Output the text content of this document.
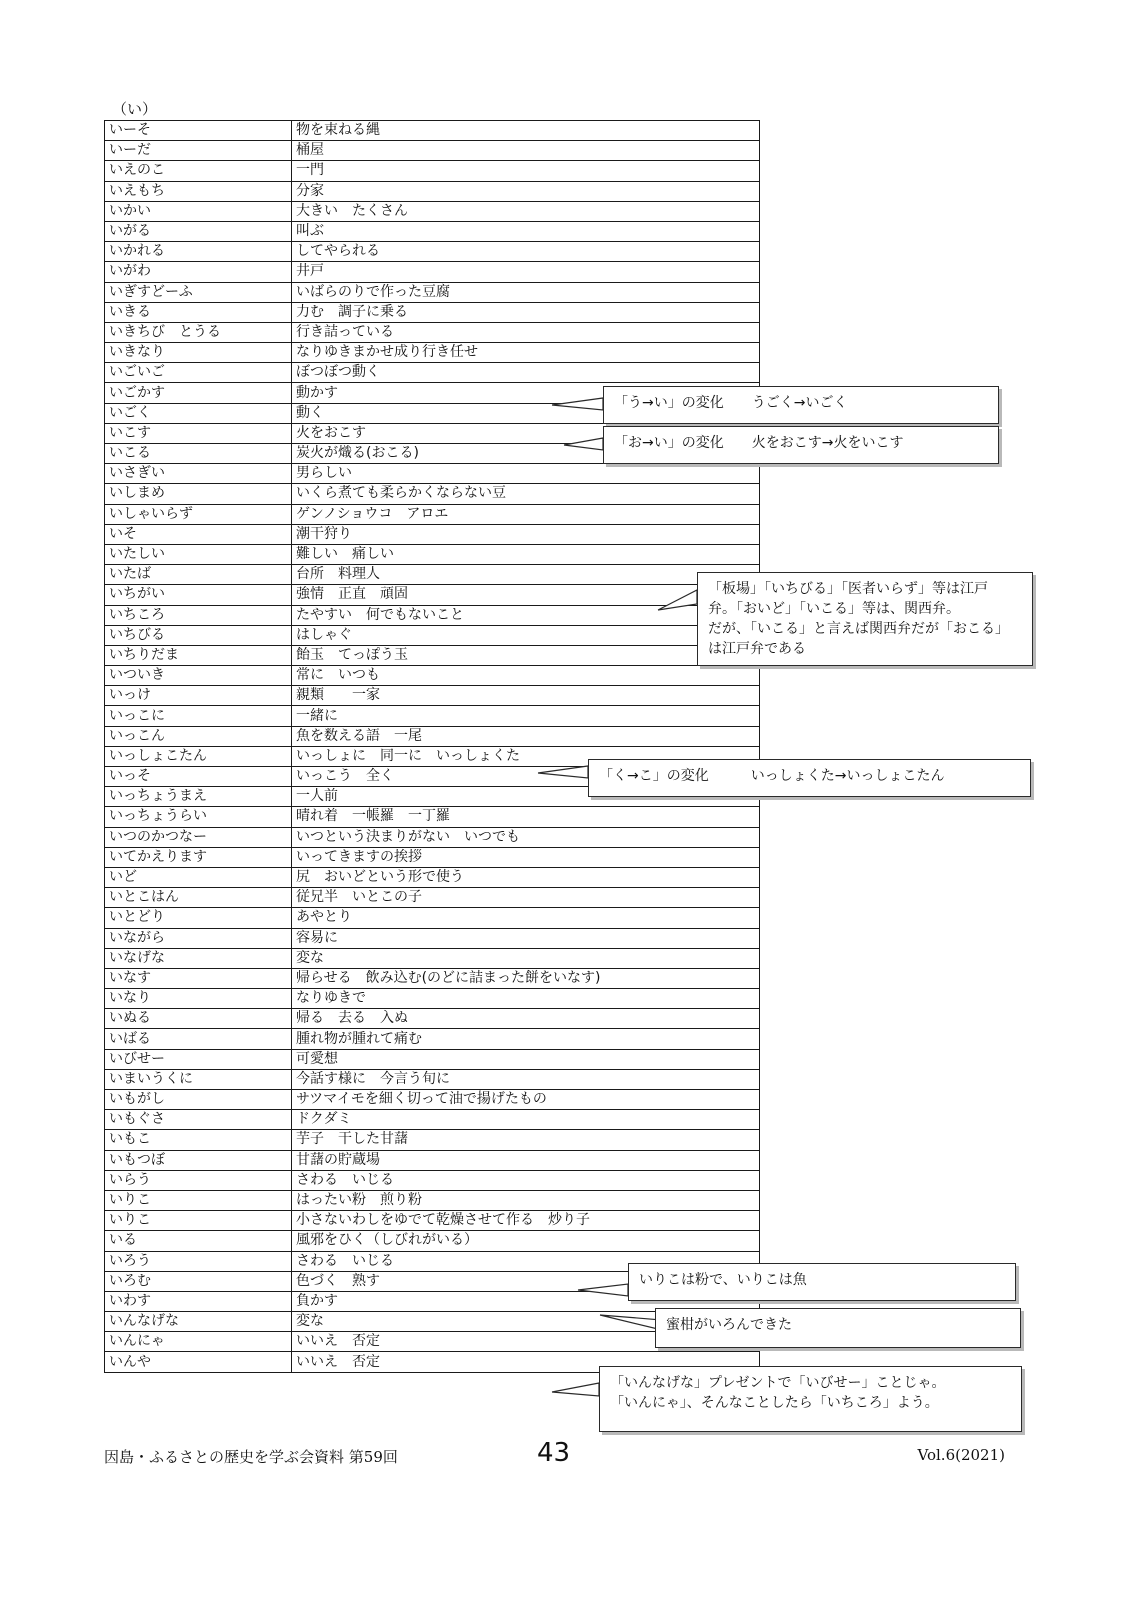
（い）
いーそ	物を束ねる縄
いーだ	桶屋
いえのこ	一門
いえもち	分家
いかい	大きい　たくさん
いがる	叫ぶ
いかれる	してやられる
いがわ	井戸
いぎすどーふ	いばらのりで作った豆腐
いきる	力む　調子に乗る
いきちび　とうる	行き詰っている
いきなり	なりゆきまかせ成り行き任せ
いごいご	ぼつぼつ動く
いごかす	動かす
いごく	動く
いこす	火をおこす
いこる	炭火が熾る(おこる)
いさぎい	男らしい
いしまめ	いくら煮ても柔らかくならない豆
いしゃいらず	ゲンノショウコ　アロエ
いそ	潮干狩り
いたしい	難しい　痛しい
いたば	台所　料理人
いちがい	強情　正直　頑固
いちころ	たやすい　何でもないこと
いちびる	はしゃぐ
いちりだま	飴玉　てっぽう玉
いついき	常に　いつも
いっけ	親類　　一家
いっこに	一緒に
いっこん	魚を数える語　一尾
いっしょこたん	いっしょに　同一に　いっしょくた
いっそ	いっこう　全く
いっちょうまえ	一人前
いっちょうらい	晴れ着　一帳羅　一丁羅
いつのかつなー	いつという決まりがない　いつでも
いてかえります	いってきますの挨拶
いど	尻　おいどという形で使う
いとこはん	従兄半　いとこの子
いとどり	あやとり
いながら	容易に
いなげな	変な
いなす	帰らせる　飲み込む(のどに詰まった餅をいなす)
いなり	なりゆきで
いぬる	帰る　去る　入ぬ
いばる	腫れ物が腫れて痛む
いびせー	可愛想
いまいうくに	今話す様に　今言う旬に
いもがし	サツマイモを細く切って油で揚げたもの
いもぐさ	ドクダミ
いもこ	芋子　干した甘藷
いもつぼ	甘藷の貯蔵場
いらう	さわる　いじる
いりこ	はったい粉　煎り粉
いりこ	小さないわしをゆでて乾燥させて作る　炒り子
いる	風邪をひく（しびれがいる）
いろう	さわる　いじる
いろむ	色づく　熟す
いわす	負かす
いんなげな	変な
いんにゃ	いいえ　否定
いんや	いいえ　否定
「う→い」の変化　　うごく→いごく
「お→い」の変化　　火をおこす→火をいこす
「板場」「いちびる」「医者いらず」等は江戸
弁。「おいど」「いこる」等は、関西弁。
だが、「いこる」と言えば関西弁だが「おこる」
は江戸弁である
「く→こ」の変化　　　いっしょくた→いっしょこたん
いりこは粉で、いりこは魚
蜜柑がいろんできた
「いんなげな」プレゼントで「いびせー」ことじゃ。
「いんにゃ」、そんなことしたら「いちころ」よう。
因島・ふるさとの歴史を学ぶ会資料 第59回	43	Vol.6(2021)
